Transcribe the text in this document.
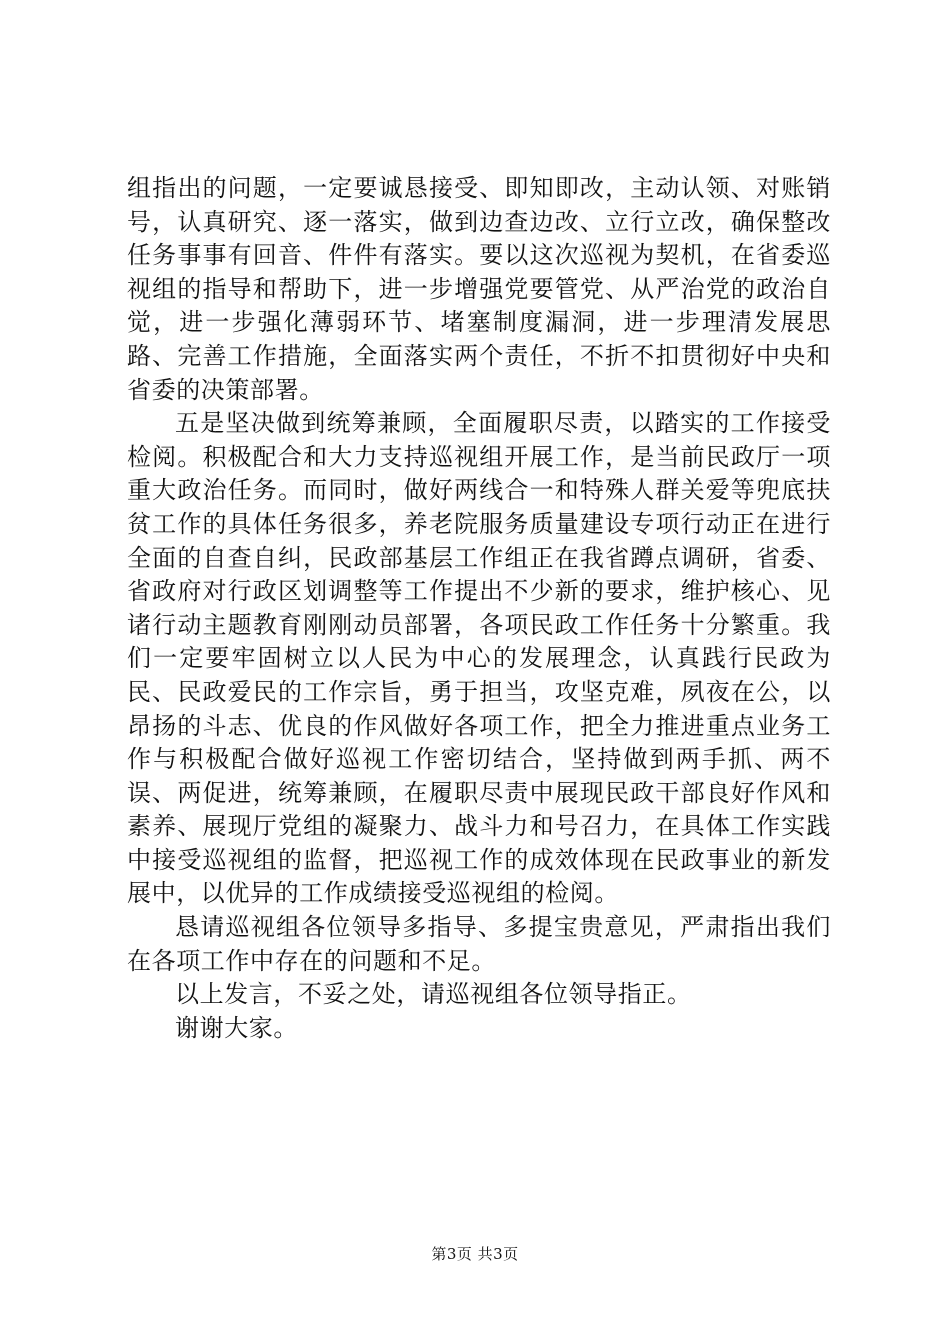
组指出的问题，一定要诚恳接受、即知即改，主动认领、对账销号，认真研究、逐一落实，做到边查边改、立行立改，确保整改任务事事有回音、件件有落实。要以这次巡视为契机，在省委巡视组的指导和帮助下，进一步增强党要管党、从严治党的政治自觉，进一步强化薄弱环节、堵塞制度漏洞，进一步理清发展思路、完善工作措施，全面落实两个责任，不折不扣贯彻好中央和省委的决策部署。

五是坚决做到统筹兼顾，全面履职尽责，以踏实的工作接受检阅。积极配合和大力支持巡视组开展工作，是当前民政厅一项重大政治任务。而同时，做好两线合一和特殊人群关爱等兜底扶贫工作的具体任务很多，养老院服务质量建设专项行动正在进行全面的自查自纠，民政部基层工作组正在我省蹲点调研，省委、省政府对行政区划调整等工作提出不少新的要求，维护核心、见诸行动主题教育刚刚动员部署，各项民政工作任务十分繁重。我们一定要牢固树立以人民为中心的发展理念，认真践行民政为民、民政爱民的工作宗旨，勇于担当，攻坚克难，夙夜在公，以昂扬的斗志、优良的作风做好各项工作，把全力推进重点业务工作与积极配合做好巡视工作密切结合，坚持做到两手抓、两不误、两促进，统筹兼顾，在履职尽责中展现民政干部良好作风和素养、展现厅党组的凝聚力、战斗力和号召力，在具体工作实践中接受巡视组的监督，把巡视工作的成效体现在民政事业的新发展中，以优异的工作成绩接受巡视组的检阅。

恳请巡视组各位领导多指导、多提宝贵意见，严肃指出我们在各项工作中存在的问题和不足。

以上发言，不妥之处，请巡视组各位领导指正。

谢谢大家。

第3页 共3页
